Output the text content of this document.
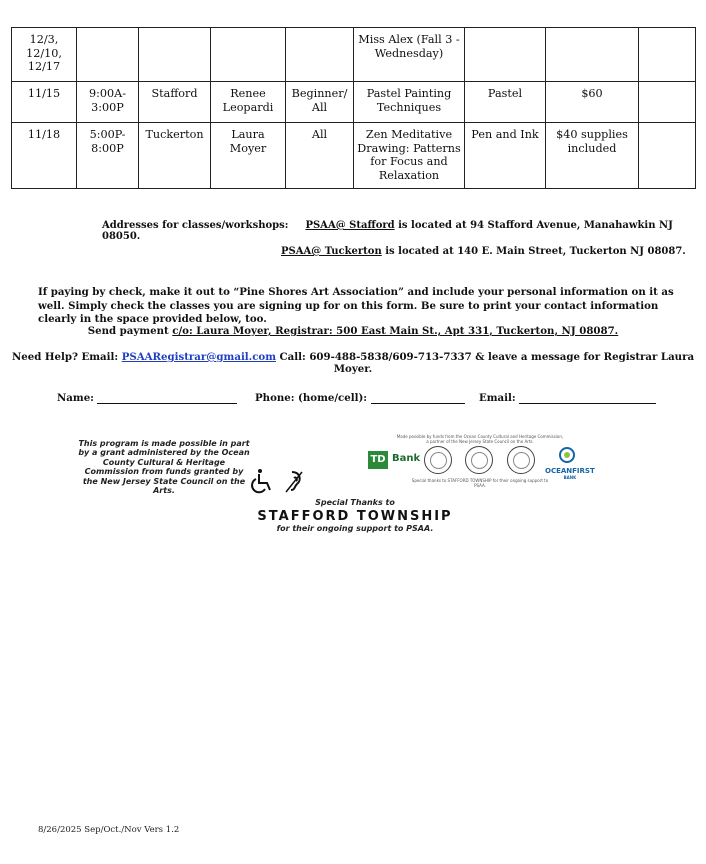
12/3, 12/10, 12/17					Miss Alex (Fall 3 - Wednesday)			
11/15	9:00A-3:00P	Stafford	Renee Leopardi	Beginner/ All	Pastel Painting Techniques	Pastel	$60	
11/18	5:00P-8:00P	Tuckerton	Laura Moyer	All	Zen Meditative Drawing: Patterns for Focus and Relaxation	Pen and Ink	$40 supplies included	
Addresses for classes/workshops: PSAA@ Stafford is located at 94 Stafford Avenue, Manahawkin NJ 08050.
PSAA@ Tuckerton is located at 140 E. Main Street, Tuckerton NJ 08087.
If paying by check, make it out to “Pine Shores Art Association” and include your personal information on it as well. Simply check the classes you are signing up for on this form. Be sure to print your contact information clearly in the space provided below, too.
Send payment c/o: Laura Moyer, Registrar: 500 East Main St., Apt 331, Tuckerton, NJ 08087.
Need Help? Email: PSAARegistrar@gmail.com Call: 609-488-5838/609-713-7337 & leave a message for Registrar Laura Moyer.
Name:	Phone: (home/cell):	Email:
This program is made possible in part by a grant administered by the Ocean County Cultural & Heritage Commission from funds granted by the New Jersey State Council on the Arts.
Made possible by funds from the Ocean County Cultural and Heritage Commission, a partner of the New Jersey State Council on the Arts.
TD Bank
OCEANFIRST
BANK
Special thanks to STAFFORD TOWNSHIP for their ongoing support to PSAA.
Special Thanks to
STAFFORD TOWNSHIP
for their ongoing support to PSAA.
8/26/2025 Sep/Oct./Nov Vers 1.2
